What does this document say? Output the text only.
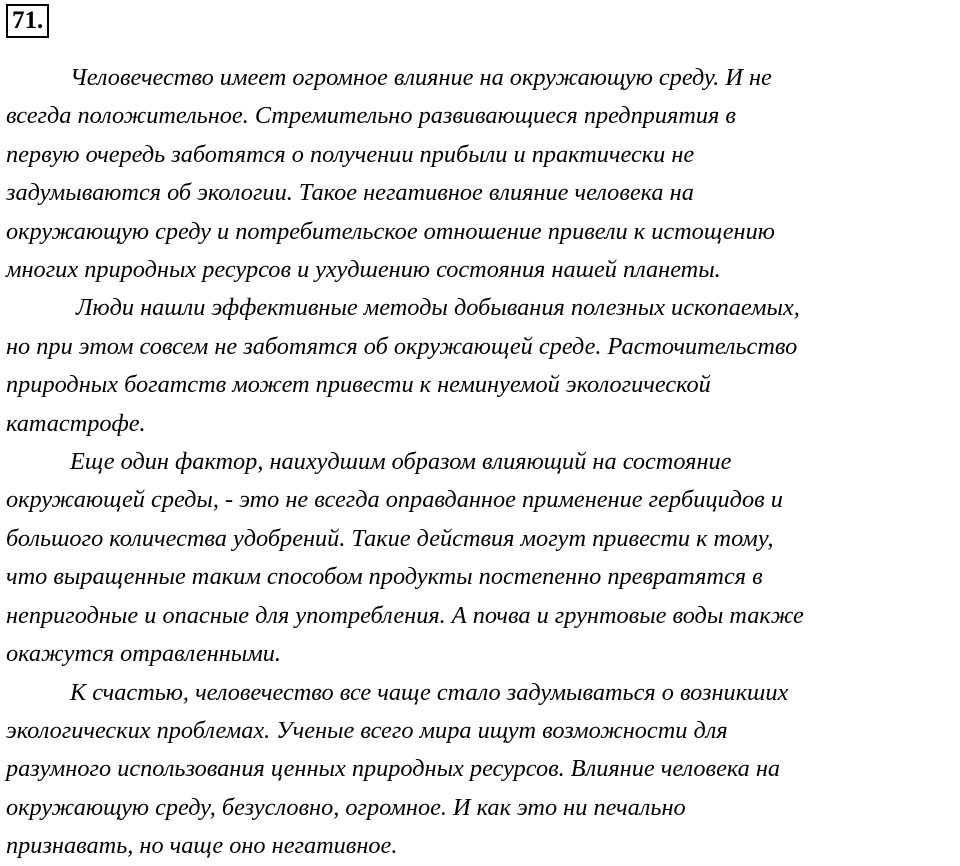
71.
Человечество имеет огромное влияние на окружающую среду. И не
всегда положительное. Стремительно развивающиеся предприятия в
первую очередь заботятся о получении прибыли и практически не
задумываются об экологии. Такое негативное влияние человека на
окружающую среду и потребительское отношение привели к истощению
многих природных ресурсов и ухудшению состояния нашей планеты.
Люди нашли эффективные методы добывания полезных ископаемых,
но при этом совсем не заботятся об окружающей среде. Расточительство
природных богатств может привести к неминуемой экологической
катастрофе.
Еще один фактор, наихудшим образом влияющий на состояние
окружающей среды, - это не всегда оправданное применение гербицидов и
большого количества удобрений. Такие действия могут привести к тому,
что выращенные таким способом продукты постепенно превратятся в
непригодные и опасные для употребления. А почва и грунтовые воды также
окажутся отравленными.
К счастью, человечество все чаще стало задумываться о возникших
экологических проблемах. Ученые всего мира ищут возможности для
разумного использования ценных природных ресурсов. Влияние человека на
окружающую среду, безусловно, огромное. И как это ни печально
признавать, но чаще оно негативное.
